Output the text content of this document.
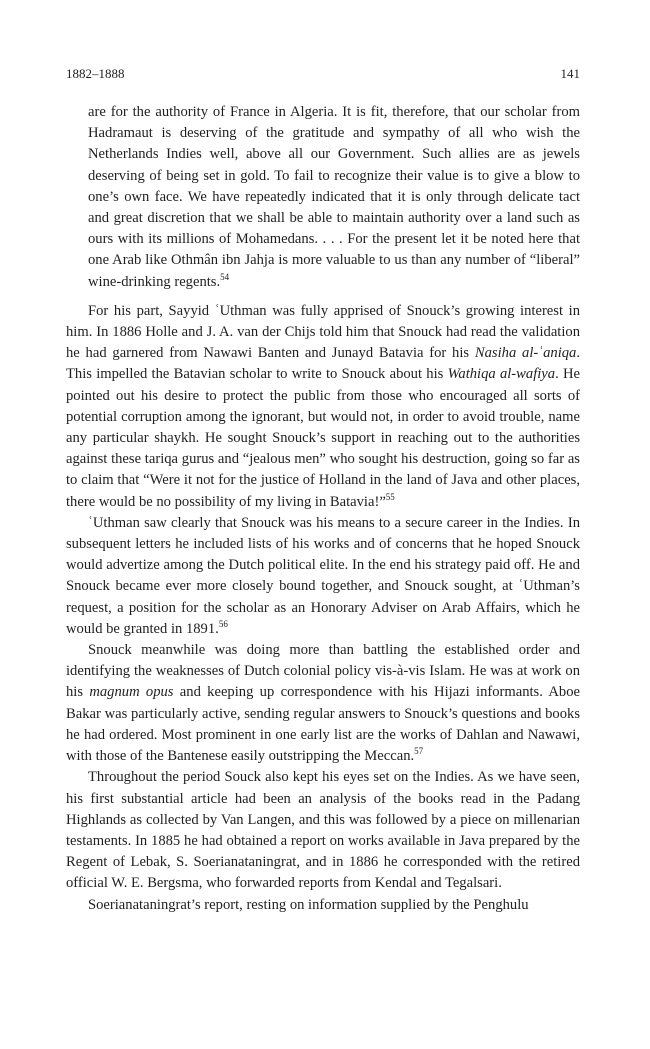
1882–1888	141

are for the authority of France in Algeria. It is fit, therefore, that our scholar from Hadramaut is deserving of the gratitude and sympathy of all who wish the Netherlands Indies well, above all our Government. Such allies are as jewels deserving of being set in gold. To fail to recognize their value is to give a blow to one’s own face. We have repeatedly indicated that it is only through delicate tact and great discretion that we shall be able to maintain authority over a land such as ours with its millions of Mohamedans. . . . For the present let it be noted here that one Arab like Othmân ibn Jahja is more valuable to us than any number of “liberal” wine-drinking regents.$^{54}$

For his part, Sayyid ʿUthman was fully apprised of Snouck’s growing interest in him. In 1886 Holle and J. A. van der Chijs told him that Snouck had read the validation he had garnered from Nawawi Banten and Junayd Batavia for his Nasiha al-ʿaniqa. This impelled the Batavian scholar to write to Snouck about his Wathiqa al-wafiya. He pointed out his desire to protect the public from those who encouraged all sorts of potential corruption among the ignorant, but would not, in order to avoid trouble, name any particular shaykh. He sought Snouck’s support in reaching out to the authorities against these tariqa gurus and “jealous men” who sought his destruction, going so far as to claim that “Were it not for the justice of Holland in the land of Java and other places, there would be no possibility of my living in Batavia!”$^{55}$

ʿUthman saw clearly that Snouck was his means to a secure career in the Indies. In subsequent letters he included lists of his works and of concerns that he hoped Snouck would advertize among the Dutch political elite. In the end his strategy paid off. He and Snouck became ever more closely bound together, and Snouck sought, at ʿUthman’s request, a position for the scholar as an Honorary Adviser on Arab Affairs, which he would be granted in 1891.56

Snouck meanwhile was doing more than battling the established order and identifying the weaknesses of Dutch colonial policy vis-à-vis Islam. He was at work on his magnum opus and keeping up correspondence with his Hijazi informants. Aboe Bakar was particularly active, sending regular answers to Snouck’s questions and books he had ordered. Most prominent in one early list are the works of Dahlan and Nawawi, with those of the Bantenese easily outstripping the Meccan.$^{57}$

Throughout the period Souck also kept his eyes set on the Indies. As we have seen, his first substantial article had been an analysis of the books read in the Padang Highlands as collected by Van Langen, and this was followed by a piece on millenarian testaments. In 1885 he had obtained a report on works available in Java prepared by the Regent of Lebak, S. Soerianataningrat, and in 1886 he corresponded with the retired official W. E. Bergsma, who forwarded reports from Kendal and Tegalsari.

Soerianataningrat’s report, resting on information supplied by the Penghulu
